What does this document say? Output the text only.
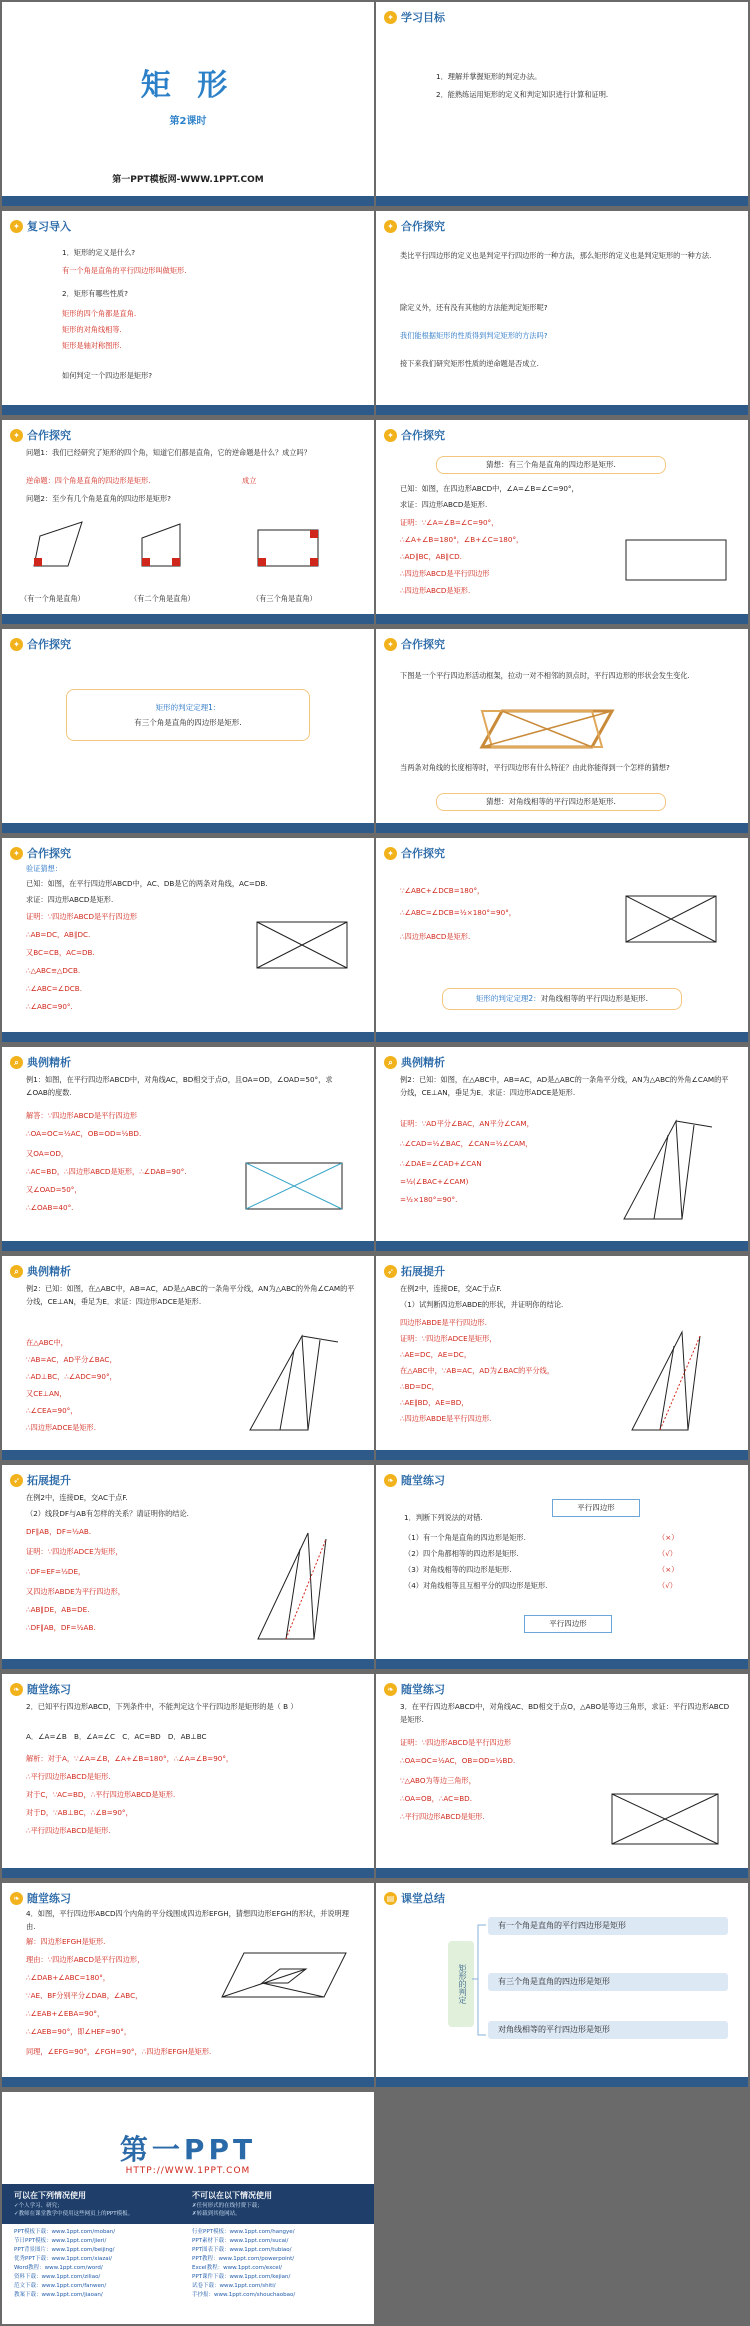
矩 形
第2课时
第一PPT模板网-WWW.1PPT.COM
✦ 学习目标
1．理解并掌握矩形的判定办法。
2．能熟练运用矩形的定义和判定知识进行计算和证明.
✦ 复习导入
1．矩形的定义是什么?
有一个角是直角的平行四边形叫做矩形.
2．矩形有哪些性质?
矩形的四个角都是直角.
矩形的对角线相等.
矩形是轴对称图形.
如何判定一个四边形是矩形?
✦ 合作探究
类比平行四边形的定义也是判定平行四边形的一种方法，那么矩形的定义也是判定矩形的一种方法.
除定义外，还有没有其他的方法能判定矩形呢?
我们能根据矩形的性质得到判定矩形的方法吗?
接下来我们研究矩形性质的逆命题是否成立.
✦ 合作探究
问题1：我们已经研究了矩形的四个角，知道它们都是直角，它的逆命题是什么？成立吗？
逆命题：四个角是直角的四边形是矩形.	成立
问题2：至少有几个角是直角的四边形是矩形?
（有一个角是直角）	（有二个角是直角）	（有三个角是直角）
✦ 合作探究
猜想：有三个角是直角的四边形是矩形.
已知：如图，在四边形ABCD中，∠A=∠B=∠C=90°，
求证：四边形ABCD是矩形.
证明：∵∠A=∠B=∠C=90°，
∴∠A+∠B=180°，∠B+∠C=180°，
∴AD∥BC，AB∥CD.
∴四边形ABCD是平行四边形
∴四边形ABCD是矩形.
✦ 合作探究
矩形的判定定理1：
有三个角是直角的四边形是矩形.
✦ 合作探究
下图是一个平行四边形活动框架，拉动一对不相邻的顶点时，平行四边形的形状会发生变化.
当两条对角线的长度相等时，平行四边形有什么特征？由此你能得到一个怎样的猜想?
猜想：对角线相等的平行四边形是矩形.
✦ 合作探究
验证猜想：
已知：如图，在平行四边形ABCD中，AC、DB是它的两条对角线，AC=DB.
求证：四边形ABCD是矩形.
证明：∵四边形ABCD是平行四边形
∴AB=DC， AB∥DC.
又BC=CB，AC=DB.
∴△ABC≌△DCB.
∴∠ABC=∠DCB.
∴∠ABC=90°.
✦ 合作探究
∵∠ABC+∠DCB=180°，
∴∠ABC=∠DCB=½×180°=90°，
∴四边形ABCD是矩形.
矩形的判定定理2：对角线相等的平行四边形是矩形.
⌕ 典例精析
例1：如图，在平行四边形ABCD中，对角线AC，BD相交于点O，且OA=OD，∠OAD=50°，求∠OAB的度数.
解答：∵四边形ABCD是平行四边形
∴OA=OC=½AC，OB=OD=½BD.
又OA=OD，
∴AC=BD，∴四边形ABCD是矩形，∴∠DAB=90°.
又∠OAD=50°，
∴∠OAB=40°.
⌕ 典例精析
例2：已知：如图，在△ABC中，AB=AC，AD是△ABC的一条角平分线，AN为△ABC的外角∠CAM的平分线，CE⊥AN，垂足为E．求证：四边形ADCE是矩形.
证明：∵AD平分∠BAC，AN平分∠CAM，
∴∠CAD=½∠BAC，∠CAN=½∠CAM，
∴∠DAE=∠CAD+∠CAN
=½(∠BAC+∠CAM)
=½×180°=90°.
⌕ 典例精析
例2：已知：如图，在△ABC中，AB=AC，AD是△ABC的一条角平分线，AN为△ABC的外角∠CAM的平分线，CE⊥AN，垂足为E．求证：四边形ADCE是矩形.
在△ABC中，
∵AB=AC，AD平分∠BAC，
∴AD⊥BC，∴∠ADC=90°，
又CE⊥AN，
∴∠CEA=90°，
∴四边形ADCE是矩形.
➶ 拓展提升
在例2中，连接DE，交AC于点F.
（1）试判断四边形ABDE的形状，并证明你的结论.
四边形ABDE是平行四边形.
证明：∵四边形ADCE是矩形，
∴AE=DC，AE=DC，
在△ABC中，∵AB=AC，AD为∠BAC的平分线，
∴BD=DC，
∴AE∥BD，AE=BD，
∴四边形ABDE是平行四边形.
➶ 拓展提升
在例2中，连接DE，交AC于点F.
（2）线段DF与AB有怎样的关系？请证明你的结论.
DF∥AB，DF=½AB.
证明：∵四边形ADCE为矩形，
∴DF=EF=½DE，
又四边形ABDE为平行四边形，
∴AB∥DE，AB=DE.
∴DF∥AB，DF=½AB.
❧ 随堂练习
平行四边形
1．判断下列说法的对错.
（1）有一个角是直角的四边形是矩形.	（×）
（2）四个角都相等的四边形是矩形.	（√）
（3）对角线相等的四边形是矩形.	（×）
（4）对角线相等且互相平分的四边形是矩形.	（√）
平行四边形
❧ 随堂练习
2．已知平行四边形ABCD，下列条件中，不能判定这个平行四边形是矩形的是（ B ）
A．∠A=∠B　B．∠A=∠C　C．AC=BD　D．AB⊥BC
解析：对于A，∵∠A=∠B，∠A+∠B=180°，∴∠A=∠B=90°，
∴平行四边形ABCD是矩形.
对于C，∵AC=BD，∴平行四边形ABCD是矩形.
对于D，∵AB⊥BC，∴∠B=90°，
∴平行四边形ABCD是矩形.
❧ 随堂练习
3．在平行四边形ABCD中，对角线AC、BD相交于点O，△ABO是等边三角形，求证：平行四边形ABCD是矩形.
证明：∵四边形ABCD是平行四边形
∴OA=OC=½AC，OB=OD=½BD.
∵△ABO为等边三角形，
∴OA=OB，∴AC=BD.
∴平行四边形ABCD是矩形.
❧ 随堂练习
4．如图，平行四边形ABCD四个内角的平分线围成四边形EFGH，猜想四边形EFGH的形状，并说明理由.
解：四边形EFGH是矩形.
理由：∵四边形ABCD是平行四边形，
∴∠DAB+∠ABC=180°，
∵AE、BF分别平分∠DAB，∠ABC，
∴∠EAB+∠EBA=90°，
∴∠AEB=90°，即∠HEF=90°，
同理，∠EFG=90°，∠FGH=90°，∴四边形EFGH是矩形.
▤ 课堂总结
矩形的判定
有一个角是直角的平行四边形是矩形
有三个角是直角的四边形是矩形
对角线相等的平行四边形是矩形
第一PPT
HTTP://WWW.1PPT.COM
可以在下列情况使用	不可以在以下情况使用
✓个人学习、研究；
✓教师在课堂教学中使用这些网页上的PPT模板。
✗任何形式的在线付费下载；
✗转载到其他网站。
PPT模板下载：www.1ppt.com/moban/
节日PPT模板：www.1ppt.com/jieri/
PPT背景图片：www.1ppt.com/beijing/
优秀PPT下载：www.1ppt.com/xiazai/
Word教程：www.1ppt.com/word/
资料下载：www.1ppt.com/ziliao/
范文下载：www.1ppt.com/fanwen/
教案下载：www.1ppt.com/jiaoan/
行业PPT模板：www.1ppt.com/hangye/
PPT素材下载：www.1ppt.com/sucai/
PPT图表下载：www.1ppt.com/tubiao/
PPT教程：www.1ppt.com/powerpoint/
Excel教程：www.1ppt.com/excel/
PPT课件下载：www.1ppt.com/kejian/
试卷下载：www.1ppt.com/shiti/
手抄报：www.1ppt.com/shouchaobao/
